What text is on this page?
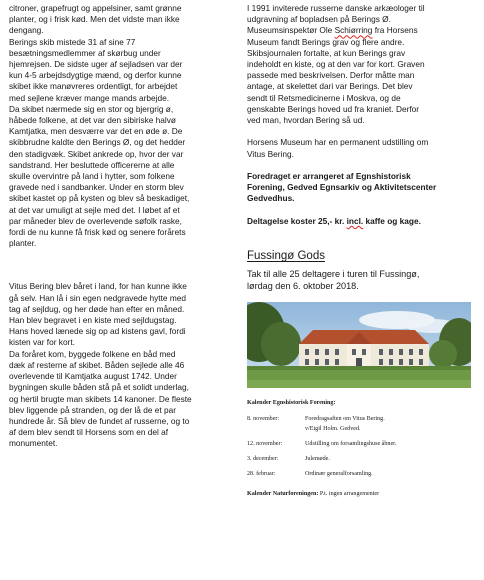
citroner, grapefrugt og appelsiner, samt grønne

planter, og i frisk kød. Men det vidste man ikke

dengang.

Berings skib mistede 31 af sine 77

besætningsmedlemmer af skørbug under

hjemrejsen. De sidste uger af sejladsen var der

kun 4-5 arbejdsdygtige mænd, og derfor kunne

skibet ikke manøvreres ordentligt, for arbejdet

med sejlene kræver mange mands arbejde.

Da skibet nærmede sig en stor og bjergrig ø,

håbede folkene, at det var den sibiriske halvø

Kamtjatka, men desværre var det en øde ø. De

skibbrudne kaldte den Berings Ø, og det hedder

den stadigvæk. Skibet ankrede op, hvor der var

sandstrand. Her besluttede officererne at alle

skulle overvintre på land i hytter, som folkene

gravede ned i sandbanker. Under en storm blev

skibet kastet op på kysten og blev så beskadiget,

at det var umuligt at sejle med det. I løbet af et

par måneder blev de overlevende søfolk raske,

fordi de nu kunne få frisk kød og senere forårets

planter.

Vitus Bering blev båret i land, for han kunne ikke

gå selv. Han lå i sin egen nedgravede hytte med

tag af sejldug, og her døde han efter en måned.

Han blev begravet i en kiste med sejldugstag.

Hans hoved lænede sig op ad kistens gavl, fordi

kisten var for kort.

Da foråret kom, byggede folkene en båd med

dæk af resterne af skibet. Båden sejlede alle 46

overlevende til Kamtjatka august 1742. Under

bygningen skulle båden stå på et solidt underlag,

og hertil brugte man skibets 14 kanoner. De fleste

blev liggende på stranden, og der lå de et par

hundrede år. Så blev de fundet af russerne, og to

af dem blev sendt til Horsens som en del af

monumentet.

I 1991 inviterede russerne danske arkæologer til

udgravning af bopladsen på Berings Ø.

Museumsinspektør Ole Schiørring fra Horsens

Museum fandt Berings grav og flere andre.

Skibsjournalen fortalte, at kun Berings grav

indeholdt en kiste, og at den var for kort. Graven

passede med beskrivelsen. Derfor måtte man

antage, at skelettet dari var Berings. Det blev

sendt til Retsmedicinerne i Moskva, og de

genskabte Berings hoved ud fra kraniet. Derfor

ved man, hvordan Bering så ud.

Horsens Museum har en permanent udstilling om

Vitus Bering.

Foredraget er arrangeret af Egnshistorisk

Forening, Gedved Egnsarkiv og Aktivitetscenter

Gedvedhus.

Deltagelse koster 25,- kr. incl. kaffe og kage.

Fussingø Gods

Tak til alle 25 deltagere i turen til Fussingø,

lørdag den 6. oktober 2018.

Kalender Egnshistorisk Forening:

8. november:	Foredragsaften om Vitus Bering.
v/Eigil Holm. Gedved.
12. november:	Udstilling om forsamlingshuse åbner.
3. december:	Julemøde.
28. februar:	Ordinær generalforsamling.

Kalender Naturforeningen: P.t. ingen arrangementer
